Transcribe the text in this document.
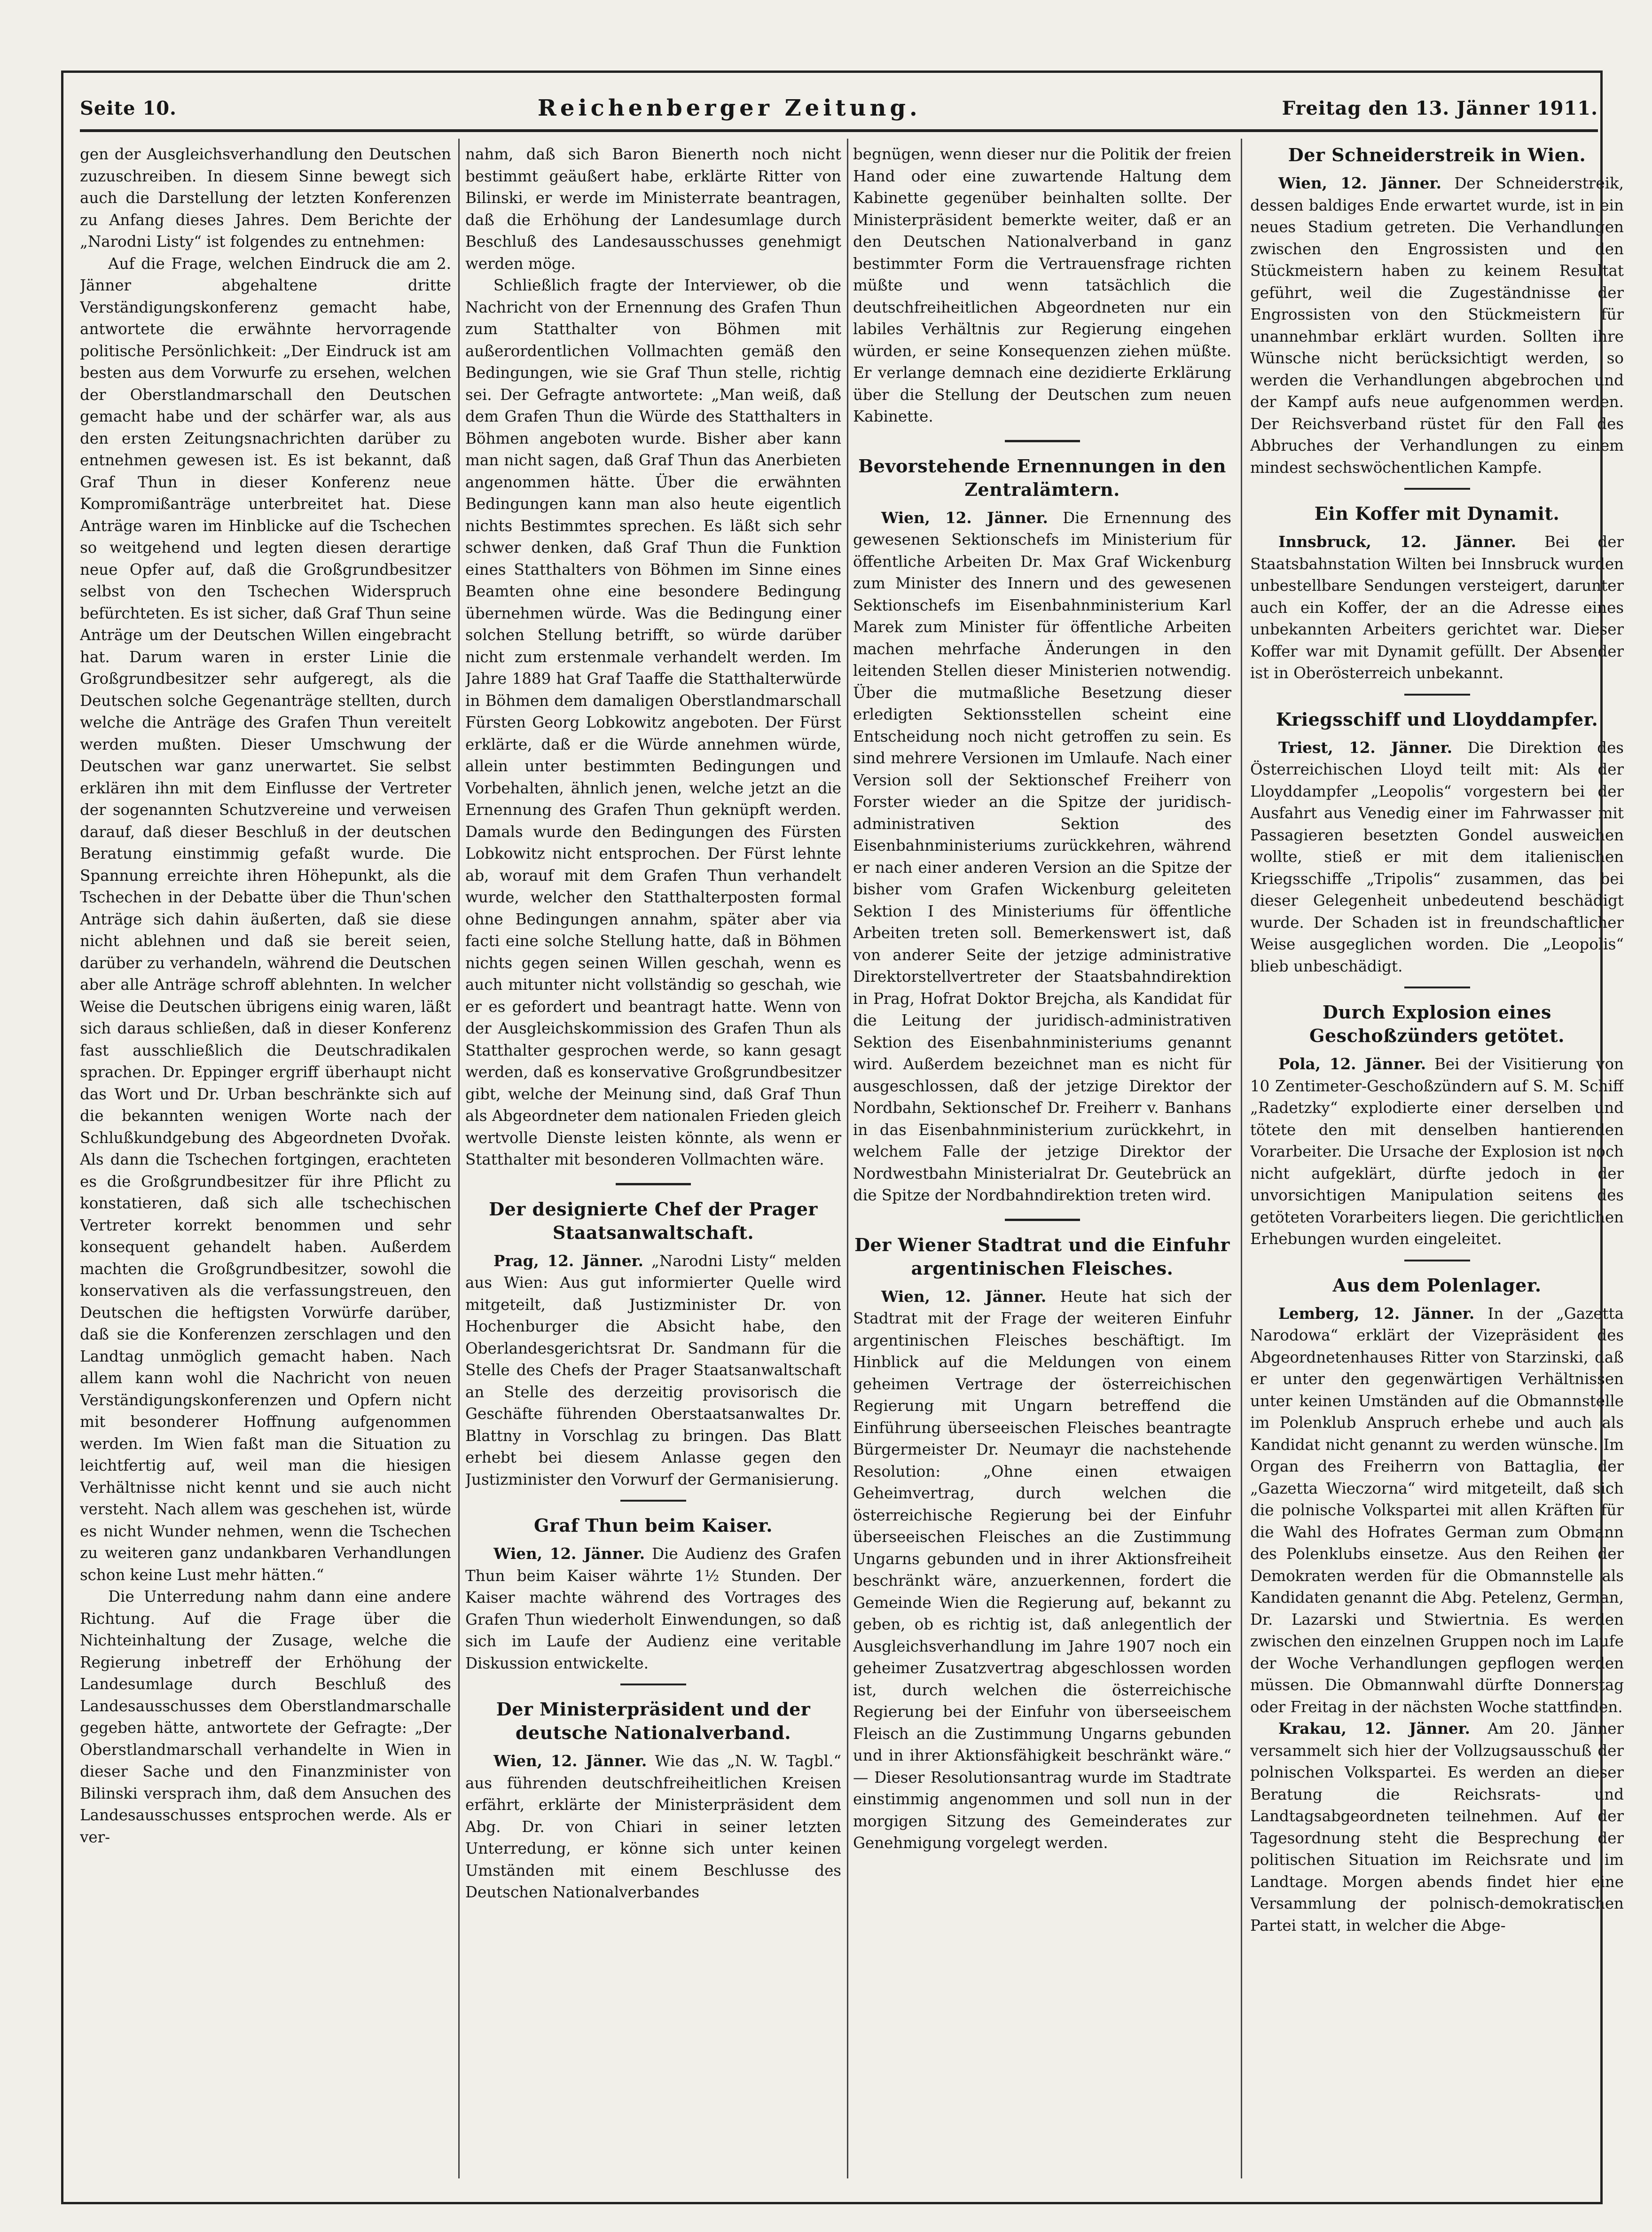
Seite 10.	Reichenberger Zeitung.	Freitag den 13. Jänner 1911.

gen der Ausgleichsverhandlung den Deutschen zuzuschreiben. In diesem Sinne bewegt sich auch die Darstellung der letzten Konferenzen zu Anfang dieses Jahres. Dem Berichte der „Narodni Listy“ ist folgendes zu entnehmen:

Auf die Frage, welchen Eindruck die am 2. Jänner abgehaltene dritte Verständigungskonferenz gemacht habe, antwortete die erwähnte hervorragende politische Persönlichkeit: „Der Eindruck ist am besten aus dem Vorwurfe zu ersehen, welchen der Oberstlandmarschall den Deutschen gemacht habe und der schärfer war, als aus den ersten Zeitungsnachrichten darüber zu entnehmen gewesen ist. Es ist bekannt, daß Graf Thun in dieser Konferenz neue Kompromißanträge unterbreitet hat. Diese Anträge waren im Hinblicke auf die Tschechen so weitgehend und legten diesen derartige neue Opfer auf, daß die Großgrundbesitzer selbst von den Tschechen Widerspruch befürchteten. Es ist sicher, daß Graf Thun seine Anträge um der Deutschen Willen eingebracht hat. Darum waren in erster Linie die Großgrundbesitzer sehr aufgeregt, als die Deutschen solche Gegenanträge stellten, durch welche die Anträge des Grafen Thun vereitelt werden mußten. Dieser Umschwung der Deutschen war ganz unerwartet. Sie selbst erklären ihn mit dem Einflusse der Vertreter der sogenannten Schutzvereine und verweisen darauf, daß dieser Beschluß in der deutschen Beratung einstimmig gefaßt wurde. Die Spannung erreichte ihren Höhepunkt, als die Tschechen in der Debatte über die Thun'schen Anträge sich dahin äußerten, daß sie diese nicht ablehnen und daß sie bereit seien, darüber zu verhandeln, während die Deutschen aber alle Anträge schroff ablehnten. In welcher Weise die Deutschen übrigens einig waren, läßt sich daraus schließen, daß in dieser Konferenz fast ausschließlich die Deutschradikalen sprachen. Dr. Eppinger ergriff überhaupt nicht das Wort und Dr. Urban beschränkte sich auf die bekannten wenigen Worte nach der Schlußkundgebung des Abgeordneten Dvořak. Als dann die Tschechen fortgingen, erachteten es die Großgrundbesitzer für ihre Pflicht zu konstatieren, daß sich alle tschechischen Vertreter korrekt benommen und sehr konsequent gehandelt haben. Außerdem machten die Großgrundbesitzer, sowohl die konservativen als die verfassungstreuen, den Deutschen die heftigsten Vorwürfe darüber, daß sie die Konferenzen zerschlagen und den Landtag unmöglich gemacht haben. Nach allem kann wohl die Nachricht von neuen Verständigungskonferenzen und Opfern nicht mit besonderer Hoffnung aufgenommen werden. Im Wien faßt man die Situation zu leichtfertig auf, weil man die hiesigen Verhältnisse nicht kennt und sie auch nicht versteht. Nach allem was geschehen ist, würde es nicht Wunder nehmen, wenn die Tschechen zu weiteren ganz undankbaren Verhandlungen schon keine Lust mehr hätten.“

Die Unterredung nahm dann eine andere Richtung. Auf die Frage über die Nichteinhaltung der Zusage, welche die Regierung inbetreff der Erhöhung der Landesumlage durch Beschluß des Landesausschusses dem Oberstlandmarschalle gegeben hätte, antwortete der Gefragte: „Der Oberstlandmarschall verhandelte in Wien in dieser Sache und den Finanzminister von Bilinski versprach ihm, daß dem Ansuchen des Landesausschusses entsprochen werde. Als er ver-

nahm, daß sich Baron Bienerth noch nicht bestimmt geäußert habe, erklärte Ritter von Bilinski, er werde im Ministerrate beantragen, daß die Erhöhung der Landesumlage durch Beschluß des Landesausschusses genehmigt werden möge.

Schließlich fragte der Interviewer, ob die Nachricht von der Ernennung des Grafen Thun zum Statthalter von Böhmen mit außerordentlichen Vollmachten gemäß den Bedingungen, wie sie Graf Thun stelle, richtig sei. Der Gefragte antwortete: „Man weiß, daß dem Grafen Thun die Würde des Statthalters in Böhmen angeboten wurde. Bisher aber kann man nicht sagen, daß Graf Thun das Anerbieten angenommen hätte. Über die erwähnten Bedingungen kann man also heute eigentlich nichts Bestimmtes sprechen. Es läßt sich sehr schwer denken, daß Graf Thun die Funktion eines Statthalters von Böhmen im Sinne eines Beamten ohne eine besondere Bedingung übernehmen würde. Was die Bedingung einer solchen Stellung betrifft, so würde darüber nicht zum erstenmale verhandelt werden. Im Jahre 1889 hat Graf Taaffe die Statthalterwürde in Böhmen dem damaligen Oberstlandmarschall Fürsten Georg Lobkowitz angeboten. Der Fürst erklärte, daß er die Würde annehmen würde, allein unter bestimmten Bedingungen und Vorbehalten, ähnlich jenen, welche jetzt an die Ernennung des Grafen Thun geknüpft werden. Damals wurde den Bedingungen des Fürsten Lobkowitz nicht entsprochen. Der Fürst lehnte ab, worauf mit dem Grafen Thun verhandelt wurde, welcher den Statthalterposten formal ohne Bedingungen annahm, später aber via facti eine solche Stellung hatte, daß in Böhmen nichts gegen seinen Willen geschah, wenn es auch mitunter nicht vollständig so geschah, wie er es gefordert und beantragt hatte. Wenn von der Ausgleichskommission des Grafen Thun als Statthalter gesprochen werde, so kann gesagt werden, daß es konservative Großgrundbesitzer gibt, welche der Meinung sind, daß Graf Thun als Abgeordneter dem nationalen Frieden gleich wertvolle Dienste leisten könnte, als wenn er Statthalter mit besonderen Vollmachten wäre.

Der designierte Chef der Prager Staatsanwaltschaft.

Prag, 12. Jänner. „Narodni Listy“ melden aus Wien: Aus gut informierter Quelle wird mitgeteilt, daß Justizminister Dr. von Hochenburger die Absicht habe, den Oberlandesgerichtsrat Dr. Sandmann für die Stelle des Chefs der Prager Staatsanwaltschaft an Stelle des derzeitig provisorisch die Geschäfte führenden Oberstaatsanwaltes Dr. Blattny in Vorschlag zu bringen. Das Blatt erhebt bei diesem Anlasse gegen den Justizminister den Vorwurf der Germanisierung.

Graf Thun beim Kaiser.

Wien, 12. Jänner. Die Audienz des Grafen Thun beim Kaiser währte 1½ Stunden. Der Kaiser machte während des Vortrages des Grafen Thun wiederholt Einwendungen, so daß sich im Laufe der Audienz eine veritable Diskussion entwickelte.

Der Ministerpräsident und der deutsche Nationalverband.

Wien, 12. Jänner. Wie das „N. W. Tagbl.“ aus führenden deutschfreiheitlichen Kreisen erfährt, erklärte der Ministerpräsident dem Abg. Dr. von Chiari in seiner letzten Unterredung, er könne sich unter keinen Umständen mit einem Beschlusse des Deutschen Nationalverbandes

begnügen, wenn dieser nur die Politik der freien Hand oder eine zuwartende Haltung dem Kabinette gegenüber beinhalten sollte. Der Ministerpräsident bemerkte weiter, daß er an den Deutschen Nationalverband in ganz bestimmter Form die Vertrauensfrage richten müßte und wenn tatsächlich die deutschfreiheitlichen Abgeordneten nur ein labiles Verhältnis zur Regierung eingehen würden, er seine Konsequenzen ziehen müßte. Er verlange demnach eine dezidierte Erklärung über die Stellung der Deutschen zum neuen Kabinette.

Bevorstehende Ernennungen in den Zentralämtern.

Wien, 12. Jänner. Die Ernennung des gewesenen Sektionschefs im Ministerium für öffentliche Arbeiten Dr. Max Graf Wickenburg zum Minister des Innern und des gewesenen Sektionschefs im Eisenbahnministerium Karl Marek zum Minister für öffentliche Arbeiten machen mehrfache Änderungen in den leitenden Stellen dieser Ministerien notwendig. Über die mutmaßliche Besetzung dieser erledigten Sektionsstellen scheint eine Entscheidung noch nicht getroffen zu sein. Es sind mehrere Versionen im Umlaufe. Nach einer Version soll der Sektionschef Freiherr von Forster wieder an die Spitze der juridisch-administrativen Sektion des Eisenbahnministeriums zurückkehren, während er nach einer anderen Version an die Spitze der bisher vom Grafen Wickenburg geleiteten Sektion I des Ministeriums für öffentliche Arbeiten treten soll. Bemerkenswert ist, daß von anderer Seite der jetzige administrative Direktorstellvertreter der Staatsbahndirektion in Prag, Hofrat Doktor Brejcha, als Kandidat für die Leitung der juridisch-administrativen Sektion des Eisenbahnministeriums genannt wird. Außerdem bezeichnet man es nicht für ausgeschlossen, daß der jetzige Direktor der Nordbahn, Sektionschef Dr. Freiherr v. Banhans in das Eisenbahnministerium zurückkehrt, in welchem Falle der jetzige Direktor der Nordwestbahn Ministerialrat Dr. Geutebrück an die Spitze der Nordbahndirektion treten wird.

Der Wiener Stadtrat und die Einfuhr argentinischen Fleisches.

Wien, 12. Jänner. Heute hat sich der Stadtrat mit der Frage der weiteren Einfuhr argentinischen Fleisches beschäftigt. Im Hinblick auf die Meldungen von einem geheimen Vertrage der österreichischen Regierung mit Ungarn betreffend die Einführung überseeischen Fleisches beantragte Bürgermeister Dr. Neumayr die nachstehende Resolution: „Ohne einen etwaigen Geheimvertrag, durch welchen die österreichische Regierung bei der Einfuhr überseeischen Fleisches an die Zustimmung Ungarns gebunden und in ihrer Aktionsfreiheit beschränkt wäre, anzuerkennen, fordert die Gemeinde Wien die Regierung auf, bekannt zu geben, ob es richtig ist, daß anlegentlich der Ausgleichsverhandlung im Jahre 1907 noch ein geheimer Zusatzvertrag abgeschlossen worden ist, durch welchen die österreichische Regierung bei der Einfuhr von überseeischem Fleisch an die Zustimmung Ungarns gebunden und in ihrer Aktionsfähigkeit beschränkt wäre.“ — Dieser Resolutionsantrag wurde im Stadtrate einstimmig angenommen und soll nun in der morgigen Sitzung des Gemeinderates zur Genehmigung vorgelegt werden.

Der Schneiderstreik in Wien.

Wien, 12. Jänner. Der Schneiderstreik, dessen baldiges Ende erwartet wurde, ist in ein neues Stadium getreten. Die Verhandlungen zwischen den Engrossisten und den Stückmeistern haben zu keinem Resultat geführt, weil die Zugeständnisse der Engrossisten von den Stückmeistern für unannehmbar erklärt wurden. Sollten ihre Wünsche nicht berücksichtigt werden, so werden die Verhandlungen abgebrochen und der Kampf aufs neue aufgenommen werden. Der Reichsverband rüstet für den Fall des Abbruches der Verhandlungen zu einem mindest sechswöchentlichen Kampfe.

Ein Koffer mit Dynamit.

Innsbruck, 12. Jänner. Bei der Staatsbahnstation Wilten bei Innsbruck wurden unbestellbare Sendungen versteigert, darunter auch ein Koffer, der an die Adresse eines unbekannten Arbeiters gerichtet war. Dieser Koffer war mit Dynamit gefüllt. Der Absender ist in Oberösterreich unbekannt.

Kriegsschiff und Lloyddampfer.

Triest, 12. Jänner. Die Direktion des Österreichischen Lloyd teilt mit: Als der Lloyddampfer „Leopolis“ vorgestern bei der Ausfahrt aus Venedig einer im Fahrwasser mit Passagieren besetzten Gondel ausweichen wollte, stieß er mit dem italienischen Kriegsschiffe „Tripolis“ zusammen, das bei dieser Gelegenheit unbedeutend beschädigt wurde. Der Schaden ist in freundschaftlicher Weise ausgeglichen worden. Die „Leopolis“ blieb unbeschädigt.

Durch Explosion eines Geschoßzünders getötet.

Pola, 12. Jänner. Bei der Visitierung von 10 Zentimeter-Geschoßzündern auf S. M. Schiff „Radetzky“ explodierte einer derselben und tötete den mit denselben hantierenden Vorarbeiter. Die Ursache der Explosion ist noch nicht aufgeklärt, dürfte jedoch in der unvorsichtigen Manipulation seitens des getöteten Vorarbeiters liegen. Die gerichtlichen Erhebungen wurden eingeleitet.

Aus dem Polenlager.

Lemberg, 12. Jänner. In der „Gazetta Narodowa“ erklärt der Vizepräsident des Abgeordnetenhauses Ritter von Starzinski, daß er unter den gegenwärtigen Verhältnissen unter keinen Umständen auf die Obmannstelle im Polenklub Anspruch erhebe und auch als Kandidat nicht genannt zu werden wünsche. Im Organ des Freiherrn von Battaglia, der „Gazetta Wieczorna“ wird mitgeteilt, daß sich die polnische Volkspartei mit allen Kräften für die Wahl des Hofrates German zum Obmann des Polenklubs einsetze. Aus den Reihen der Demokraten werden für die Obmannstelle als Kandidaten genannt die Abg. Petelenz, German, Dr. Lazarski und Stwiertnia. Es werden zwischen den einzelnen Gruppen noch im Laufe der Woche Verhandlungen gepflogen werden müssen. Die Obmannwahl dürfte Donnerstag oder Freitag in der nächsten Woche stattfinden.

Krakau, 12. Jänner. Am 20. Jänner versammelt sich hier der Vollzugsausschuß der polnischen Volkspartei. Es werden an dieser Beratung die Reichsrats- und Landtagsabgeordneten teilnehmen. Auf der Tagesordnung steht die Besprechung der politischen Situation im Reichsrate und im Landtage. Morgen abends findet hier eine Versammlung der polnisch-demokratischen Partei statt, in welcher die Abge-
